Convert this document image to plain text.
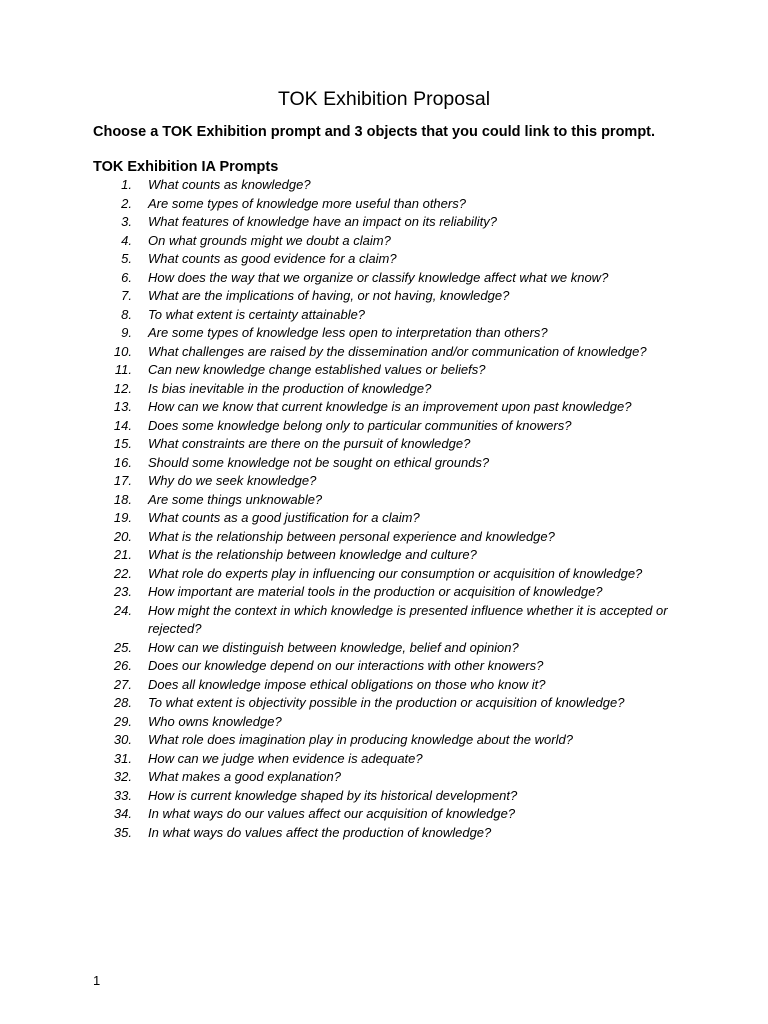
TOK Exhibition Proposal

Choose a TOK Exhibition prompt and 3 objects that you could link to this prompt.

TOK Exhibition IA Prompts
1.	What counts as knowledge?
2.	Are some types of knowledge more useful than others?
3.	What features of knowledge have an impact on its reliability?
4.	On what grounds might we doubt a claim?
5.	What counts as good evidence for a claim?
6.	How does the way that we organize or classify knowledge affect what we know?
7.	What are the implications of having, or not having, knowledge?
8.	To what extent is certainty attainable?
9.	Are some types of knowledge less open to interpretation than others?
10.	What challenges are raised by the dissemination and/or communication of knowledge?
11.	Can new knowledge change established values or beliefs?
12.	Is bias inevitable in the production of knowledge?
13.	How can we know that current knowledge is an improvement upon past knowledge?
14.	Does some knowledge belong only to particular communities of knowers?
15.	What constraints are there on the pursuit of knowledge?
16.	Should some knowledge not be sought on ethical grounds?
17.	Why do we seek knowledge?
18.	Are some things unknowable?
19.	What counts as a good justification for a claim?
20.	What is the relationship between personal experience and knowledge?
21.	What is the relationship between knowledge and culture?
22.	What role do experts play in influencing our consumption or acquisition of knowledge?
23.	How important are material tools in the production or acquisition of knowledge?
24.	How might the context in which knowledge is presented influence whether it is accepted or rejected?
25.	How can we distinguish between knowledge, belief and opinion?
26.	Does our knowledge depend on our interactions with other knowers?
27.	Does all knowledge impose ethical obligations on those who know it?
28.	To what extent is objectivity possible in the production or acquisition of knowledge?
29.	Who owns knowledge?
30.	What role does imagination play in producing knowledge about the world?
31.	How can we judge when evidence is adequate?
32.	What makes a good explanation?
33.	How is current knowledge shaped by its historical development?
34.	In what ways do our values affect our acquisition of knowledge?
35.	In what ways do values affect the production of knowledge?

1
